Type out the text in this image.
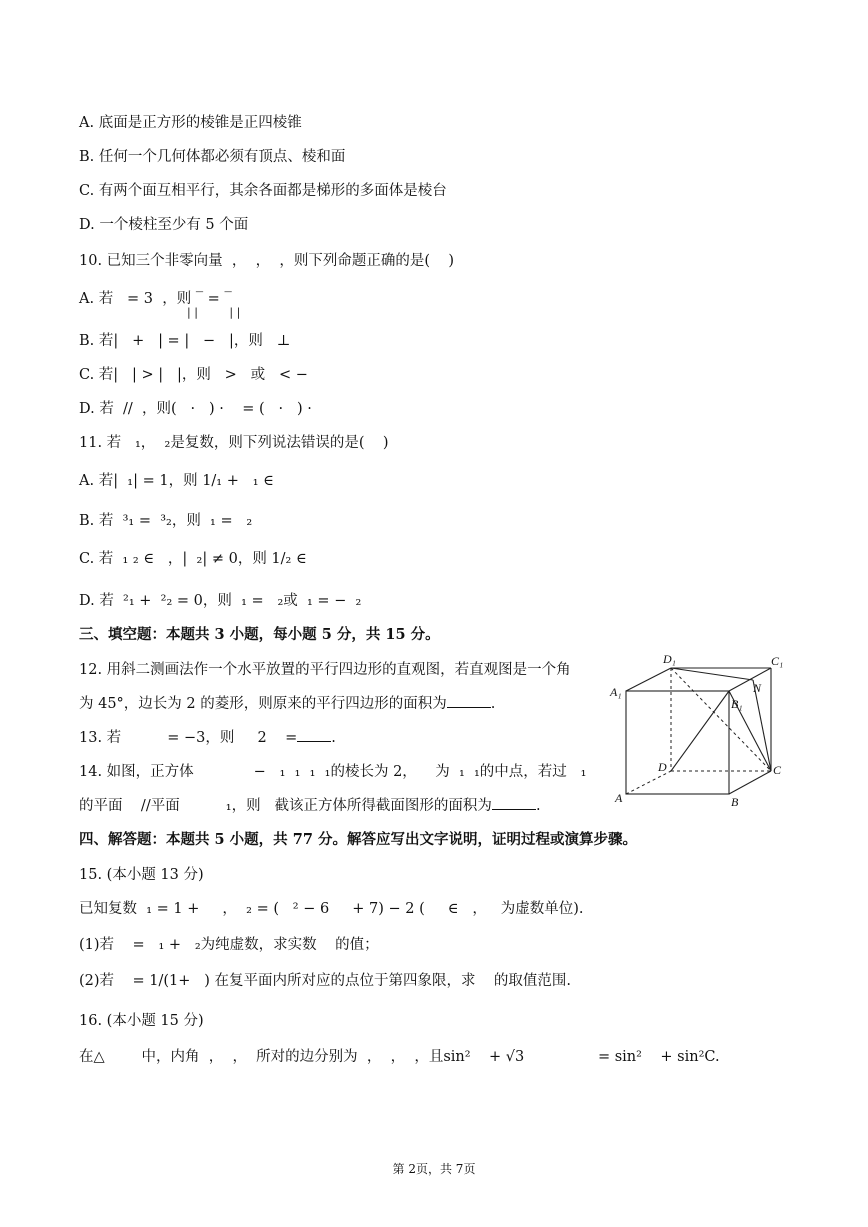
A. 底面是正方形的棱锥是正四棱锥
B. 任何一个几何体都必须有顶点、棱和面
C. 有两个面互相平行，其余各面都是梯形的多面体是棱台
D. 一个棱柱至少有 5 个面
10. 已知三个非零向量  ，  ，  ，则下列命题正确的是(    )
A. 若   = 3  ，则 ‾ = ‾
| |         | |
B. 若|   +   | = |   −   |，则   ⊥
C. 若|   | > |   |，则   >   或   < −
D. 若  //  ，则(   ·   ) ·    = (   ·   ) ·
11. 若   ₁，  ₂是复数，则下列说法错误的是(    )
A. 若|  ₁| = 1，则 1/₁ +   ₁ ∈
B. 若  ³₁ =  ³₂，则  ₁ =   ₂
C. 若  ₁ ₂ ∈   ，|  ₂| ≠ 0，则 1/₂ ∈
D. 若  ²₁ +  ²₂ = 0，则  ₁ =   ₂或  ₁ = −  ₂
三、填空题：本题共 3 小题，每小题 5 分，共 15 分。
12. 用斜二测画法作一个水平放置的平行四边形的直观图，若直观图是一个角
为 45°，边长为 2 的菱形，则原来的平行四边形的面积为	.
13. 若          = −3，则     2    = .
14. 如图，正方体             −   ₁  ₁  ₁  ₁的棱长为 2，    为  ₁  ₁的中点，若过   ₁
的平面    //平面          ₁，则   截该正方体所得截面图形的面积为	.
D₁	C₁
A₁
B₁
N
D	C
A	B
四、解答题：本题共 5 小题，共 77 分。解答应写出文字说明，证明过程或演算步骤。
15. (本小题 13 分)
已知复数  ₁ = 1 +     ，  ₂ = (   ² − 6     + 7) − 2 (     ∈   ，   为虚数单位).
(1)若    =   ₁ +   ₂为纯虚数，求实数    的值；
(2)若    = 1/(1+   ) 在复平面内所对应的点位于第四象限，求    的取值范围.
16. (本小题 15 分)
在△        中，内角  ，  ，  所对的边分别为  ，  ，  ，且sin²    + √3                = sin²    + sin²C.
第 2页，共 7页
